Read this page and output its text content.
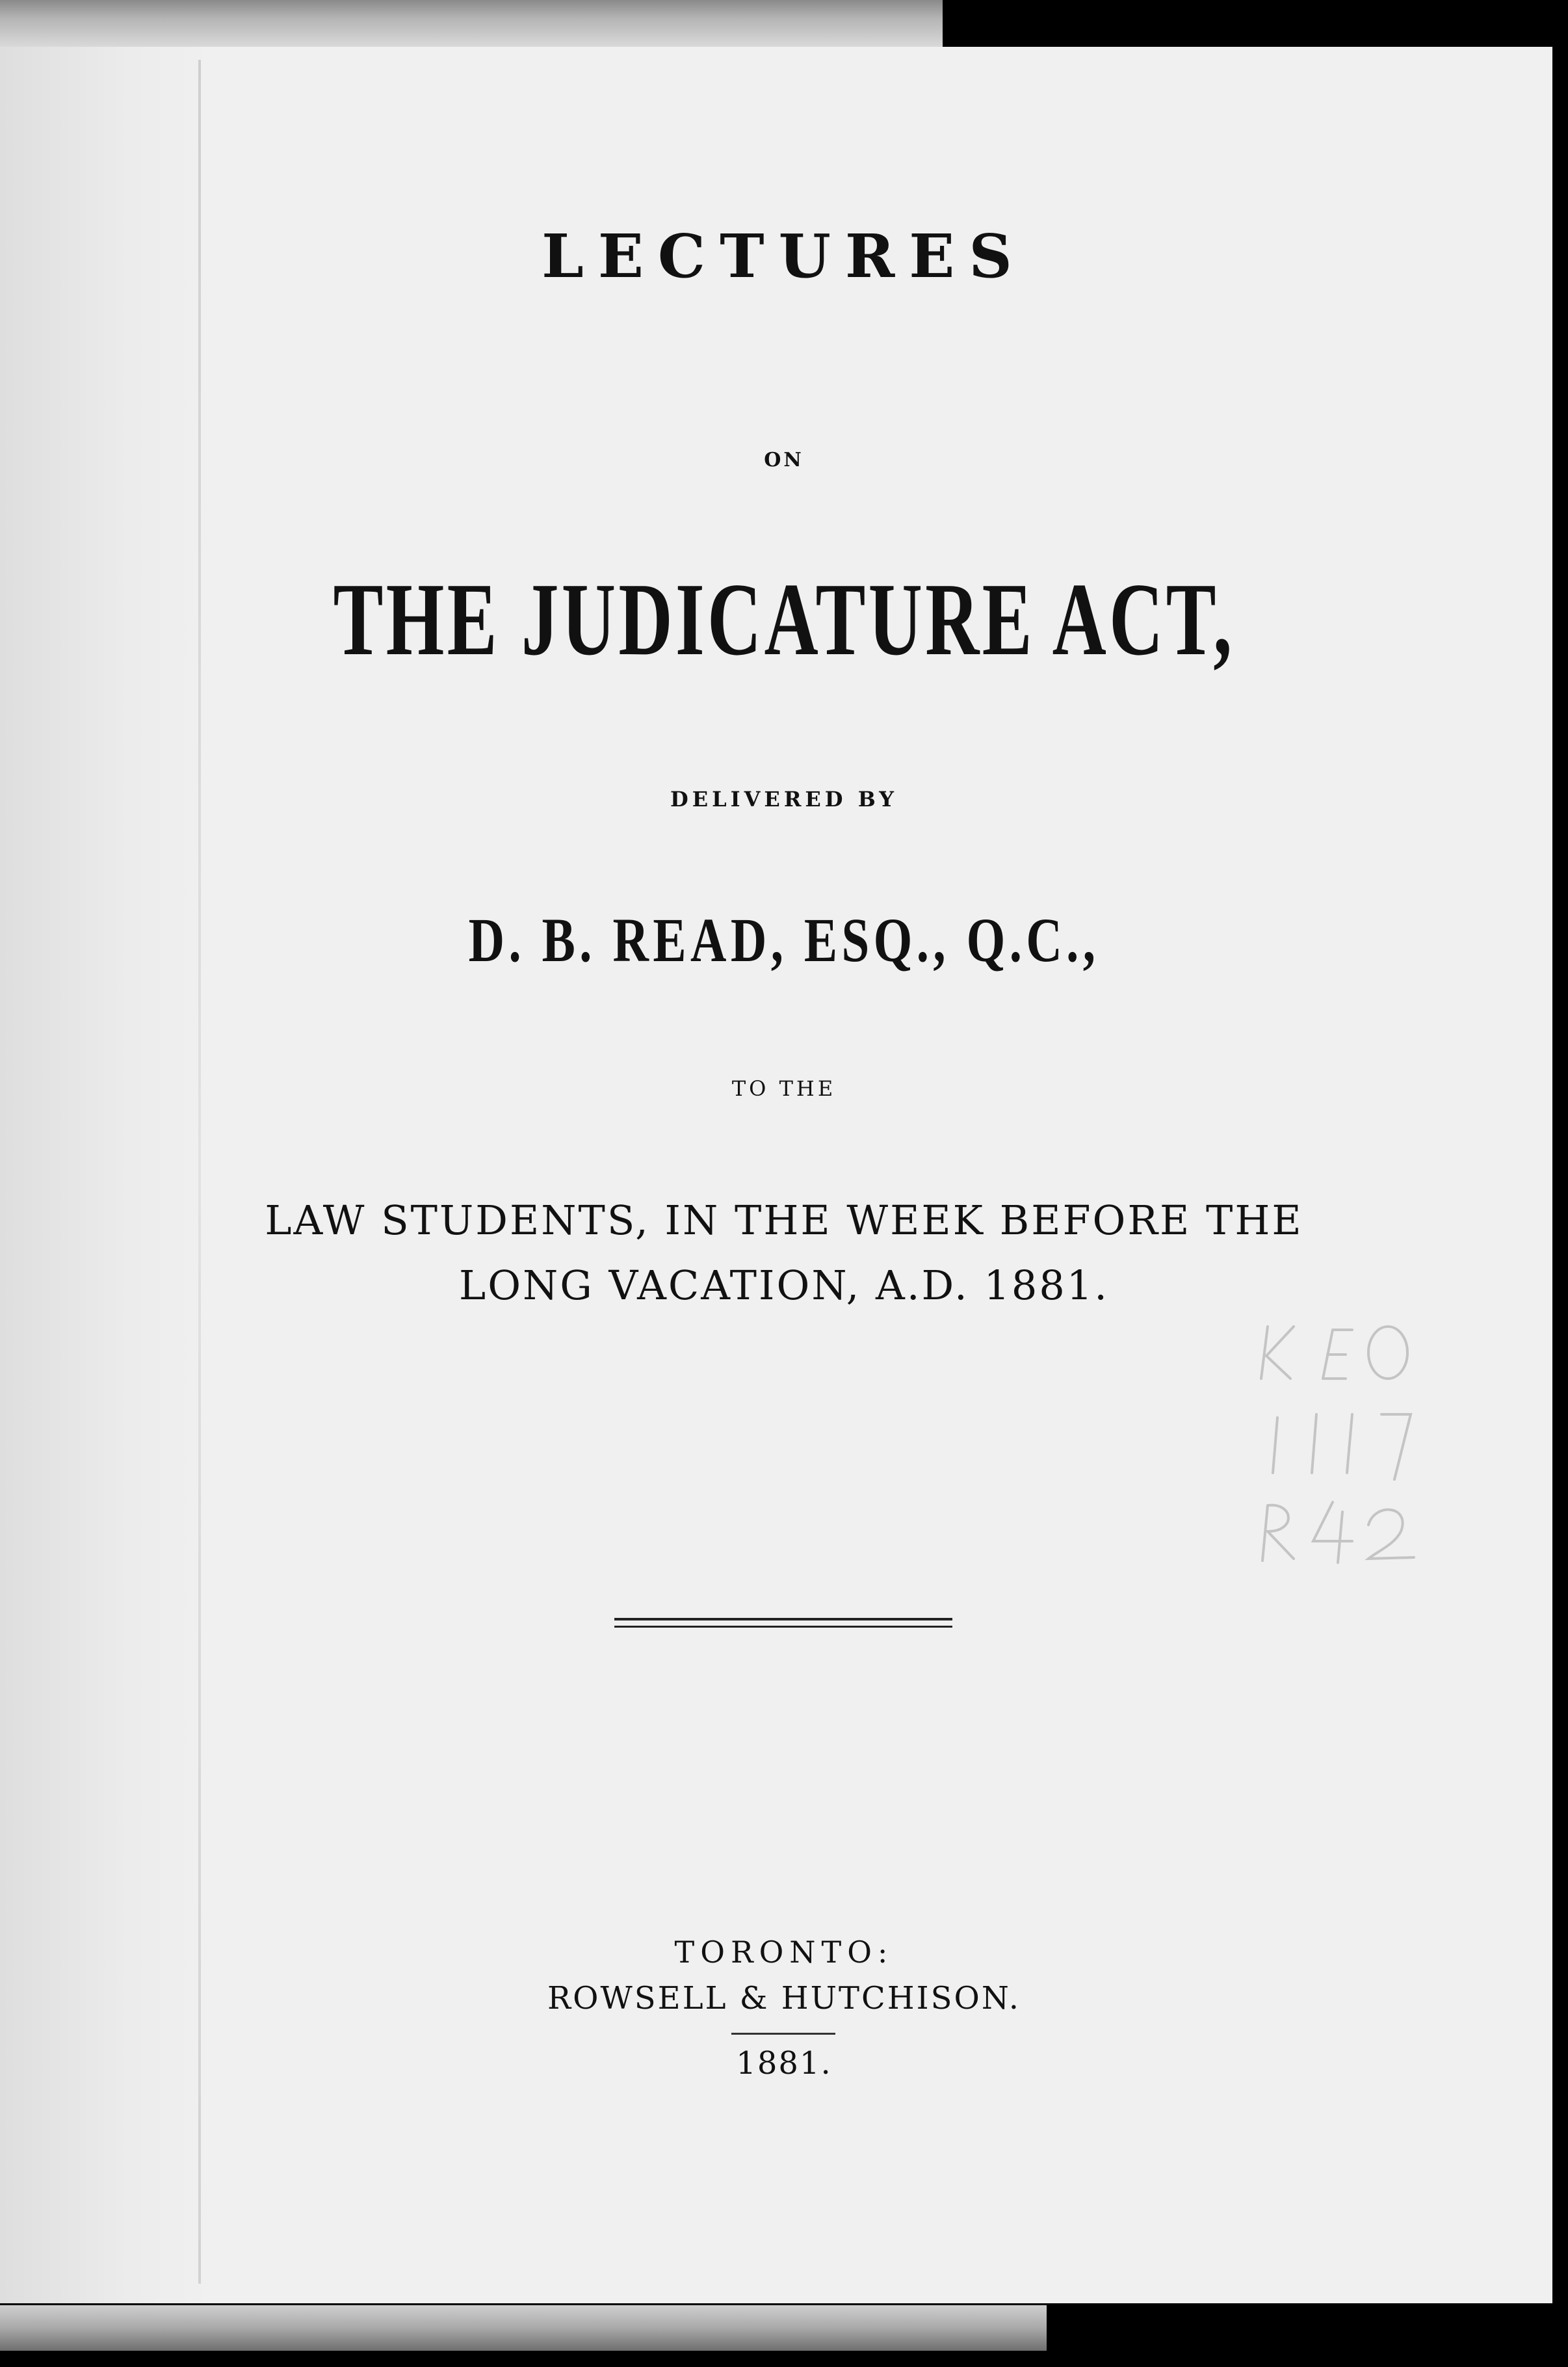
LECTURES
ON
THE JUDICATURE ACT,
DELIVERED BY
D. B. READ, ESQ., Q.C.,
TO THE
LAW STUDENTS, IN THE WEEK BEFORE THE
LONG VACATION, A.D. 1881.
TORONTO:
ROWSELL & HUTCHISON.
1881.
